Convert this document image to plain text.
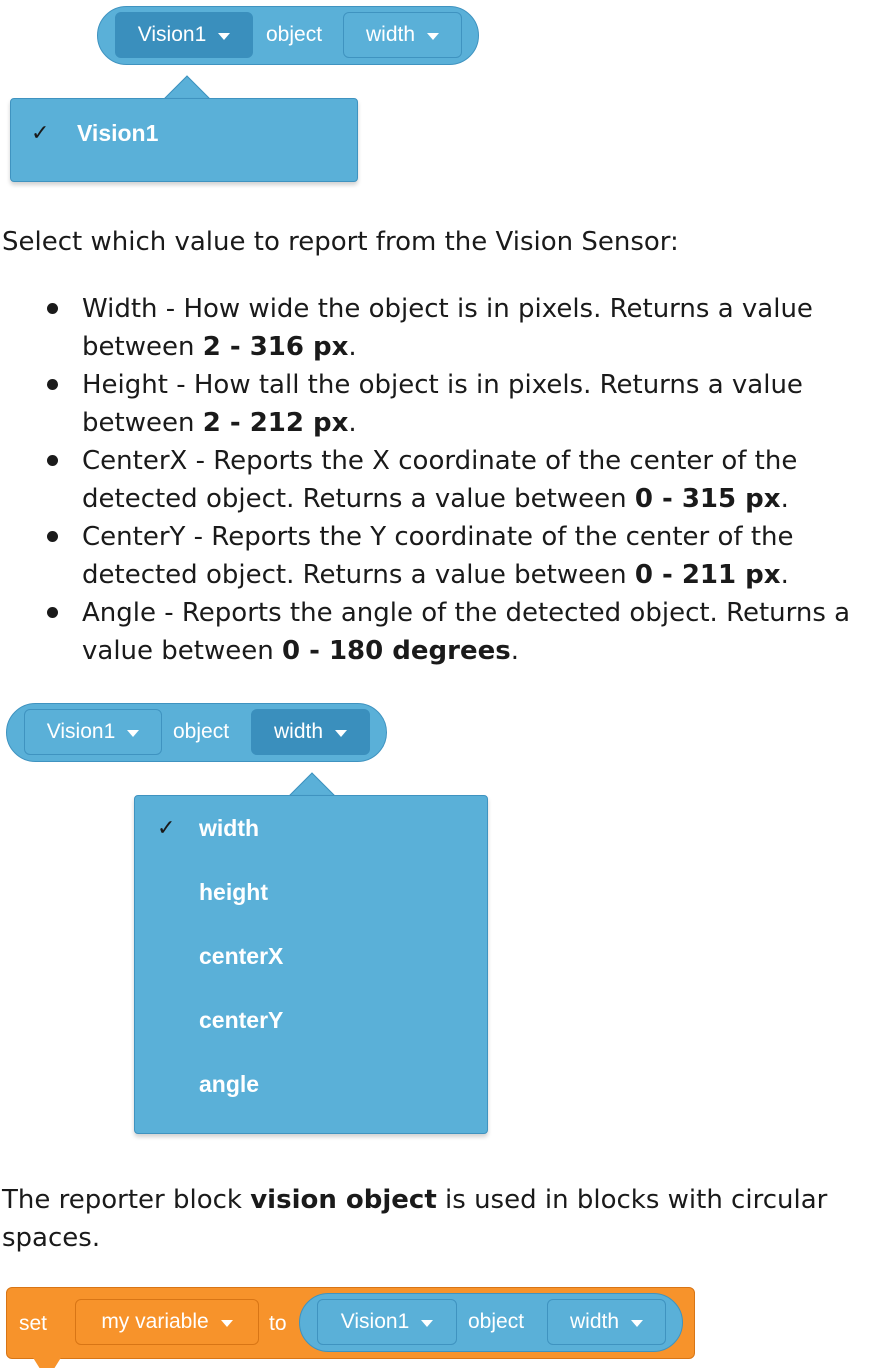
Vision1	object	width
✓ Vision1

Select which value to report from the Vision Sensor:

Width - How wide the object is in pixels. Returns a value between 2 - 316 px.
Height - How tall the object is in pixels. Returns a value between 2 - 212 px.
CenterX - Reports the X coordinate of the center of the detected object. Returns a value between 0 - 315 px.
CenterY - Reports the Y coordinate of the center of the detected object. Returns a value between 0 - 211 px.
Angle - Reports the angle of the detected object. Returns a value between 0 - 180 degrees.
Vision1	object	width
✓ width
height
centerX
centerY
angle

The reporter block vision object is used in blocks with circular spaces.

set	my variable	to	Vision1	object	width
